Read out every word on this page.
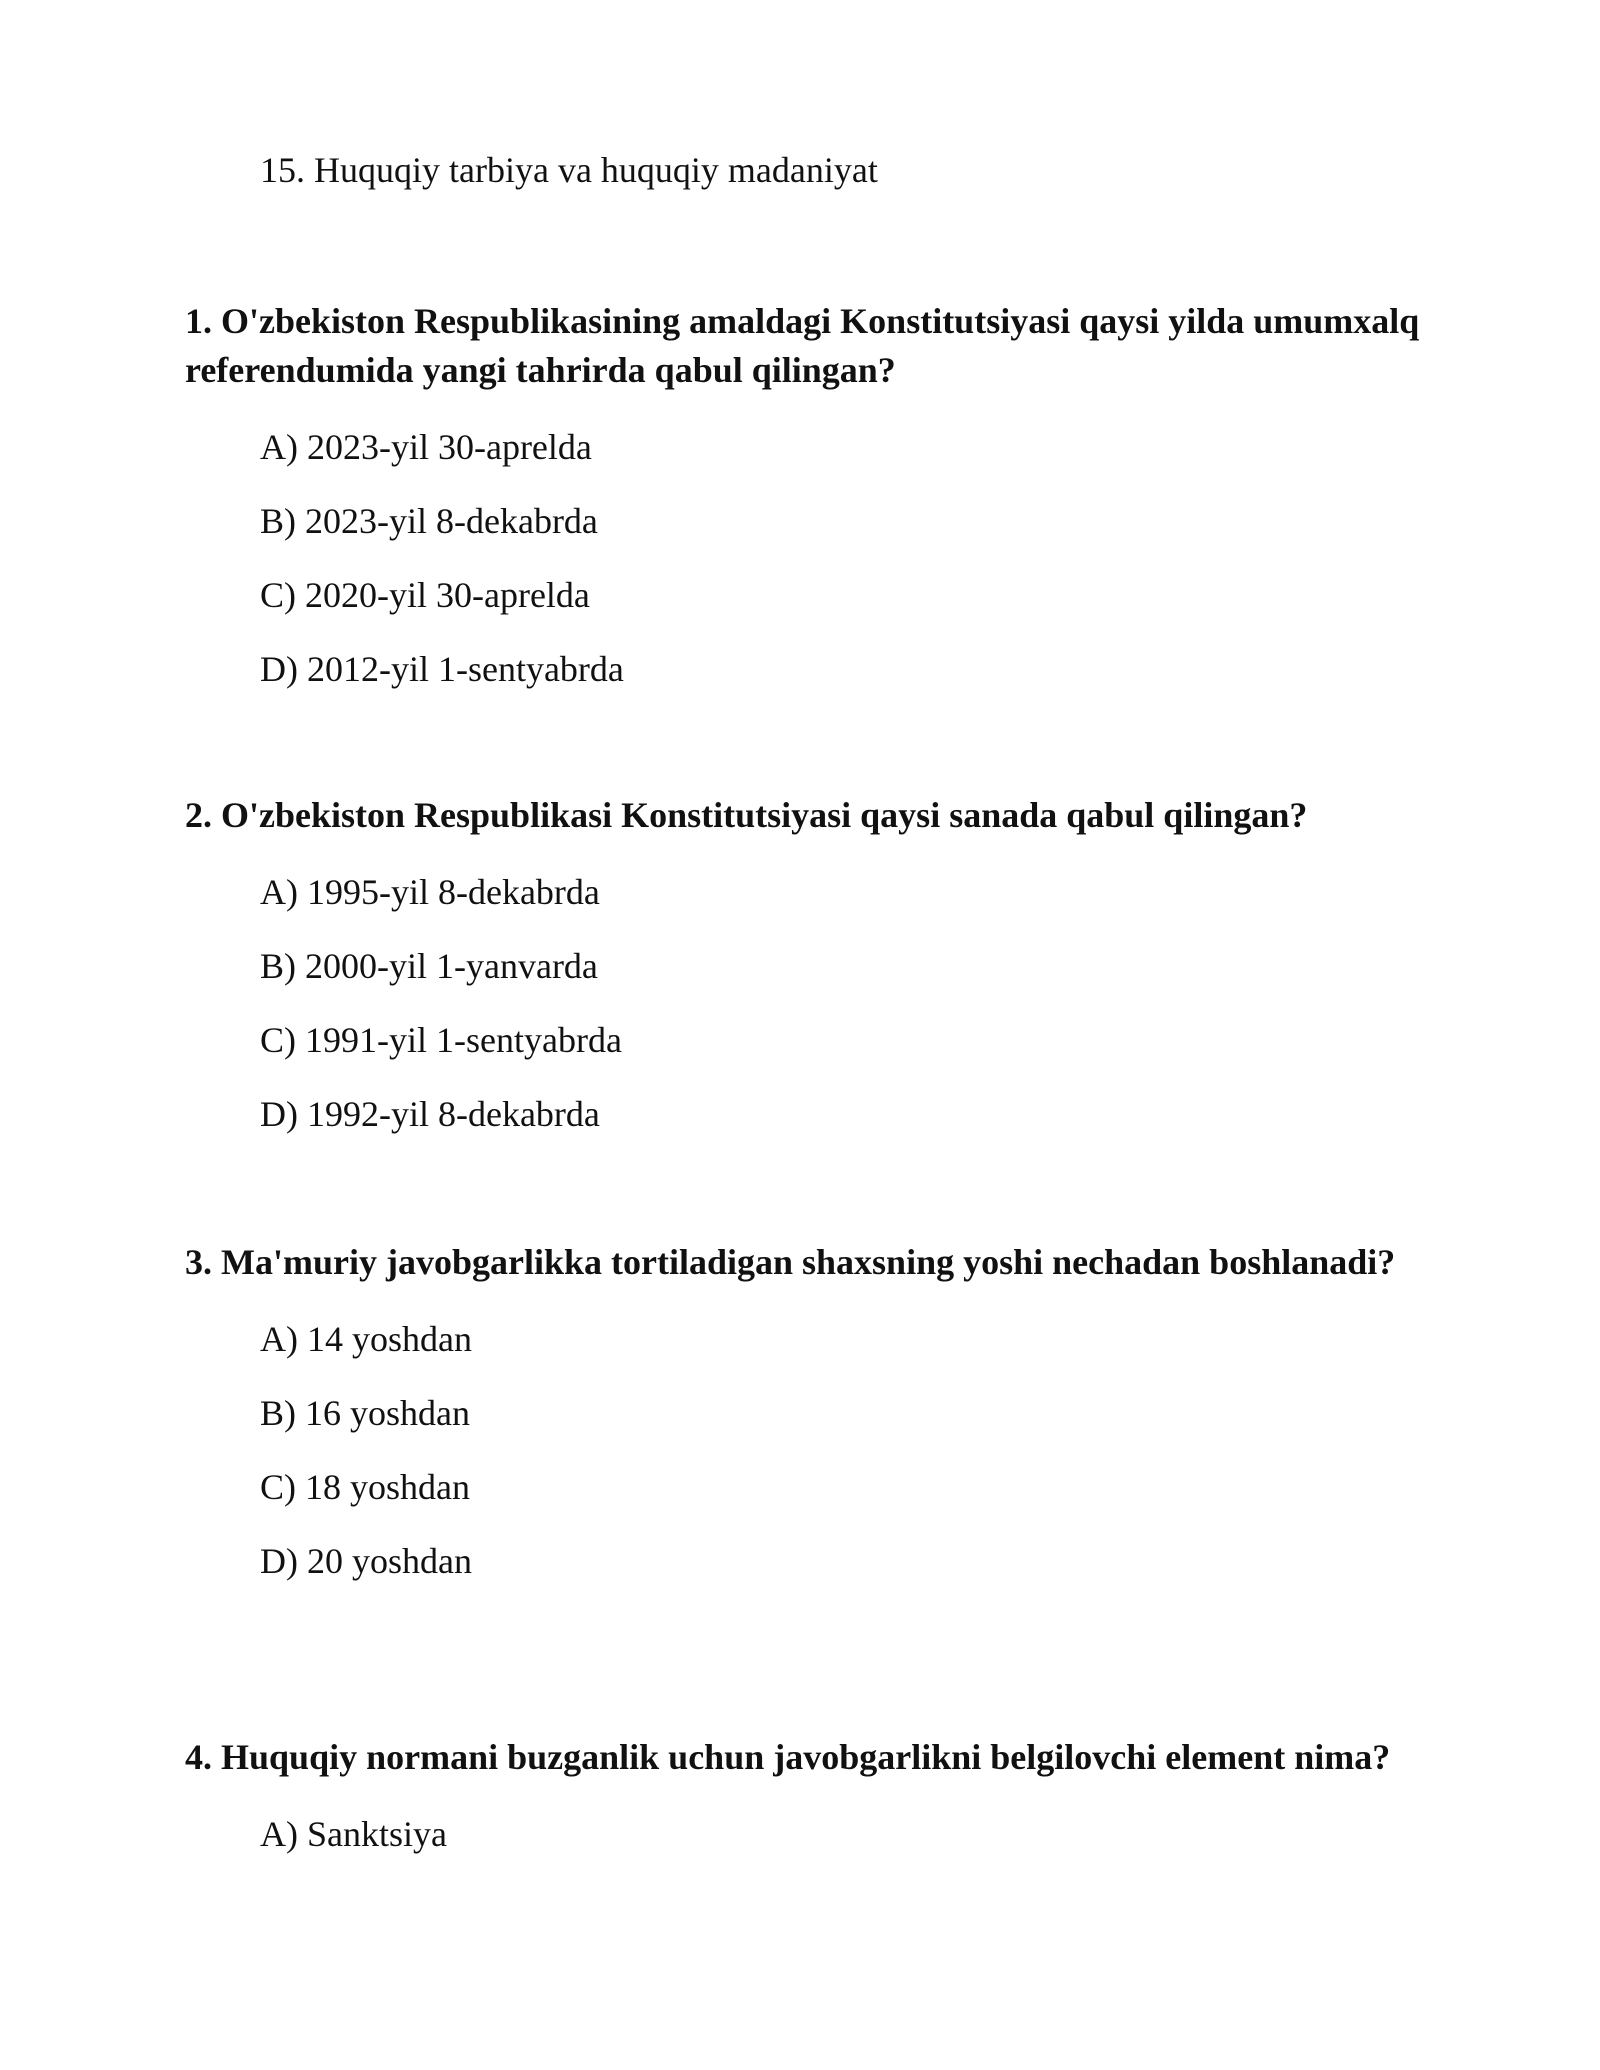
15. Huquqiy tarbiya va huquqiy madaniyat

1. O'zbekiston Respublikasining amaldagi Konstitutsiyasi qaysi yilda umumxalq referendumida yangi tahrirda qabul qilingan?

A) 2023-yil 30-aprelda
B) 2023-yil 8-dekabrda
C) 2020-yil 30-aprelda
D) 2012-yil 1-sentyabrda

2. O'zbekiston Respublikasi Konstitutsiyasi qaysi sanada qabul qilingan?

A) 1995-yil 8-dekabrda
B) 2000-yil 1-yanvarda
C) 1991-yil 1-sentyabrda
D) 1992-yil 8-dekabrda

3. Ma'muriy javobgarlikka tortiladigan shaxsning yoshi nechadan boshlanadi?

A) 14 yoshdan
B) 16 yoshdan
C) 18 yoshdan
D) 20 yoshdan

4. Huquqiy normani buzganlik uchun javobgarlikni belgilovchi element nima?

A) Sanktsiya
